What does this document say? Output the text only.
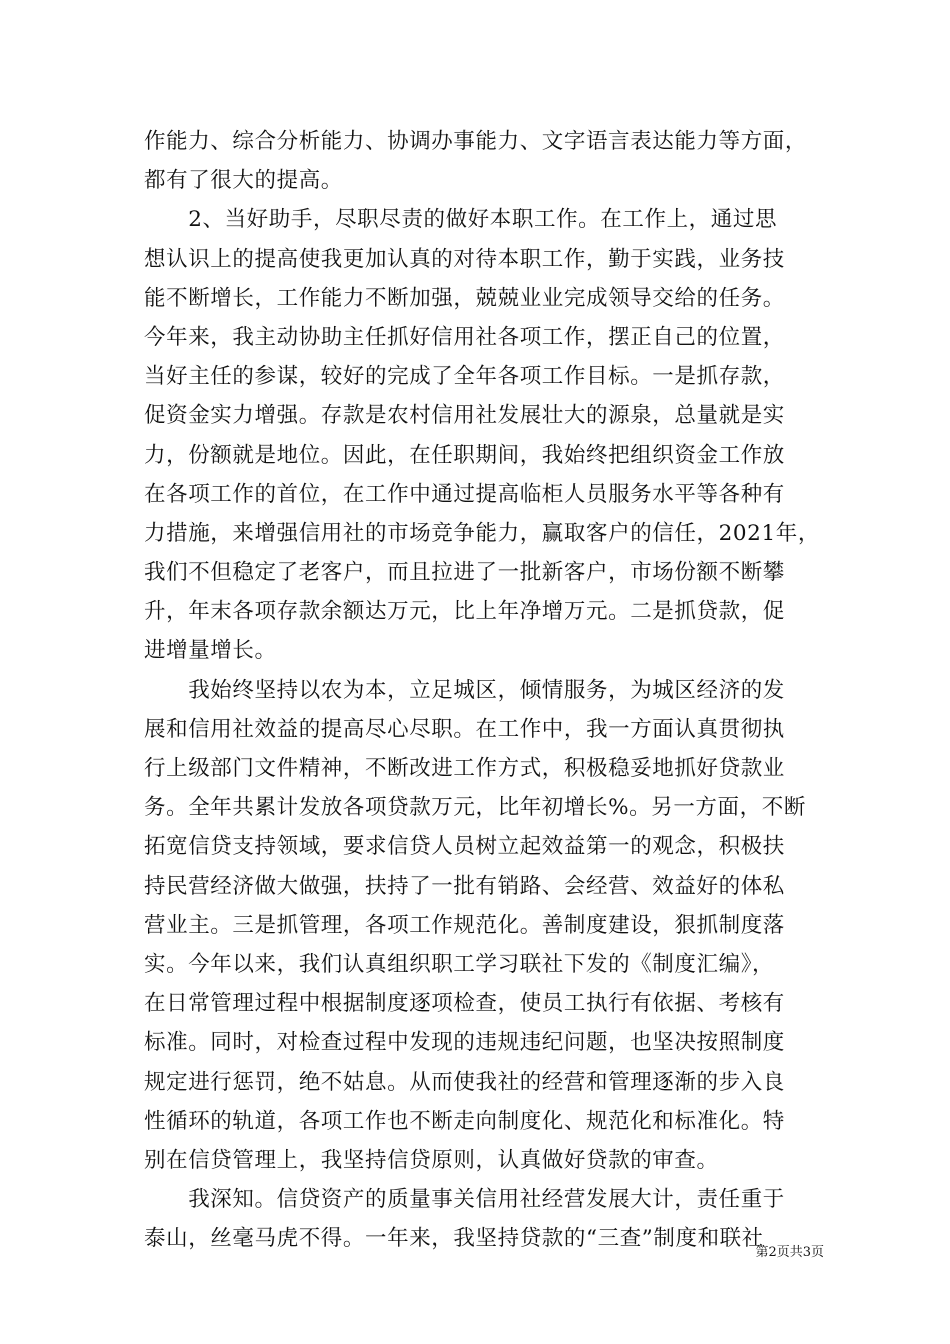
作能力、综合分析能力、协调办事能力、文字语言表达能力等方面，
都有了很大的提高。
　　2、当好助手，尽职尽责的做好本职工作。在工作上，通过思
想认识上的提高使我更加认真的对待本职工作，勤于实践，业务技
能不断增长，工作能力不断加强，兢兢业业完成领导交给的任务。
今年来，我主动协助主任抓好信用社各项工作，摆正自己的位置，
当好主任的参谋，较好的完成了全年各项工作目标。一是抓存款，
促资金实力增强。存款是农村信用社发展壮大的源泉，总量就是实
力，份额就是地位。因此，在任职期间，我始终把组织资金工作放
在各项工作的首位，在工作中通过提高临柜人员服务水平等各种有
力措施，来增强信用社的市场竞争能力，赢取客户的信任，2021年，
我们不但稳定了老客户，而且拉进了一批新客户，市场份额不断攀
升，年末各项存款余额达万元，比上年净增万元。二是抓贷款，促
进增量增长。
　　我始终坚持以农为本，立足城区，倾情服务，为城区经济的发
展和信用社效益的提高尽心尽职。在工作中，我一方面认真贯彻执
行上级部门文件精神，不断改进工作方式，积极稳妥地抓好贷款业
务。全年共累计发放各项贷款万元，比年初增长%。另一方面，不断
拓宽信贷支持领域，要求信贷人员树立起效益第一的观念，积极扶
持民营经济做大做强，扶持了一批有销路、会经营、效益好的体私
营业主。三是抓管理，各项工作规范化。善制度建设，狠抓制度落
实。今年以来，我们认真组织职工学习联社下发的《制度汇编》，
在日常管理过程中根据制度逐项检查，使员工执行有依据、考核有
标准。同时，对检查过程中发现的违规违纪问题，也坚决按照制度
规定进行惩罚，绝不姑息。从而使我社的经营和管理逐渐的步入良
性循环的轨道，各项工作也不断走向制度化、规范化和标准化。特
别在信贷管理上，我坚持信贷原则，认真做好贷款的审查。
　　我深知。信贷资产的质量事关信用社经营发展大计，责任重于
泰山，丝毫马虎不得。一年来，我坚持贷款的“三查”制度和联社
第2页共3页
